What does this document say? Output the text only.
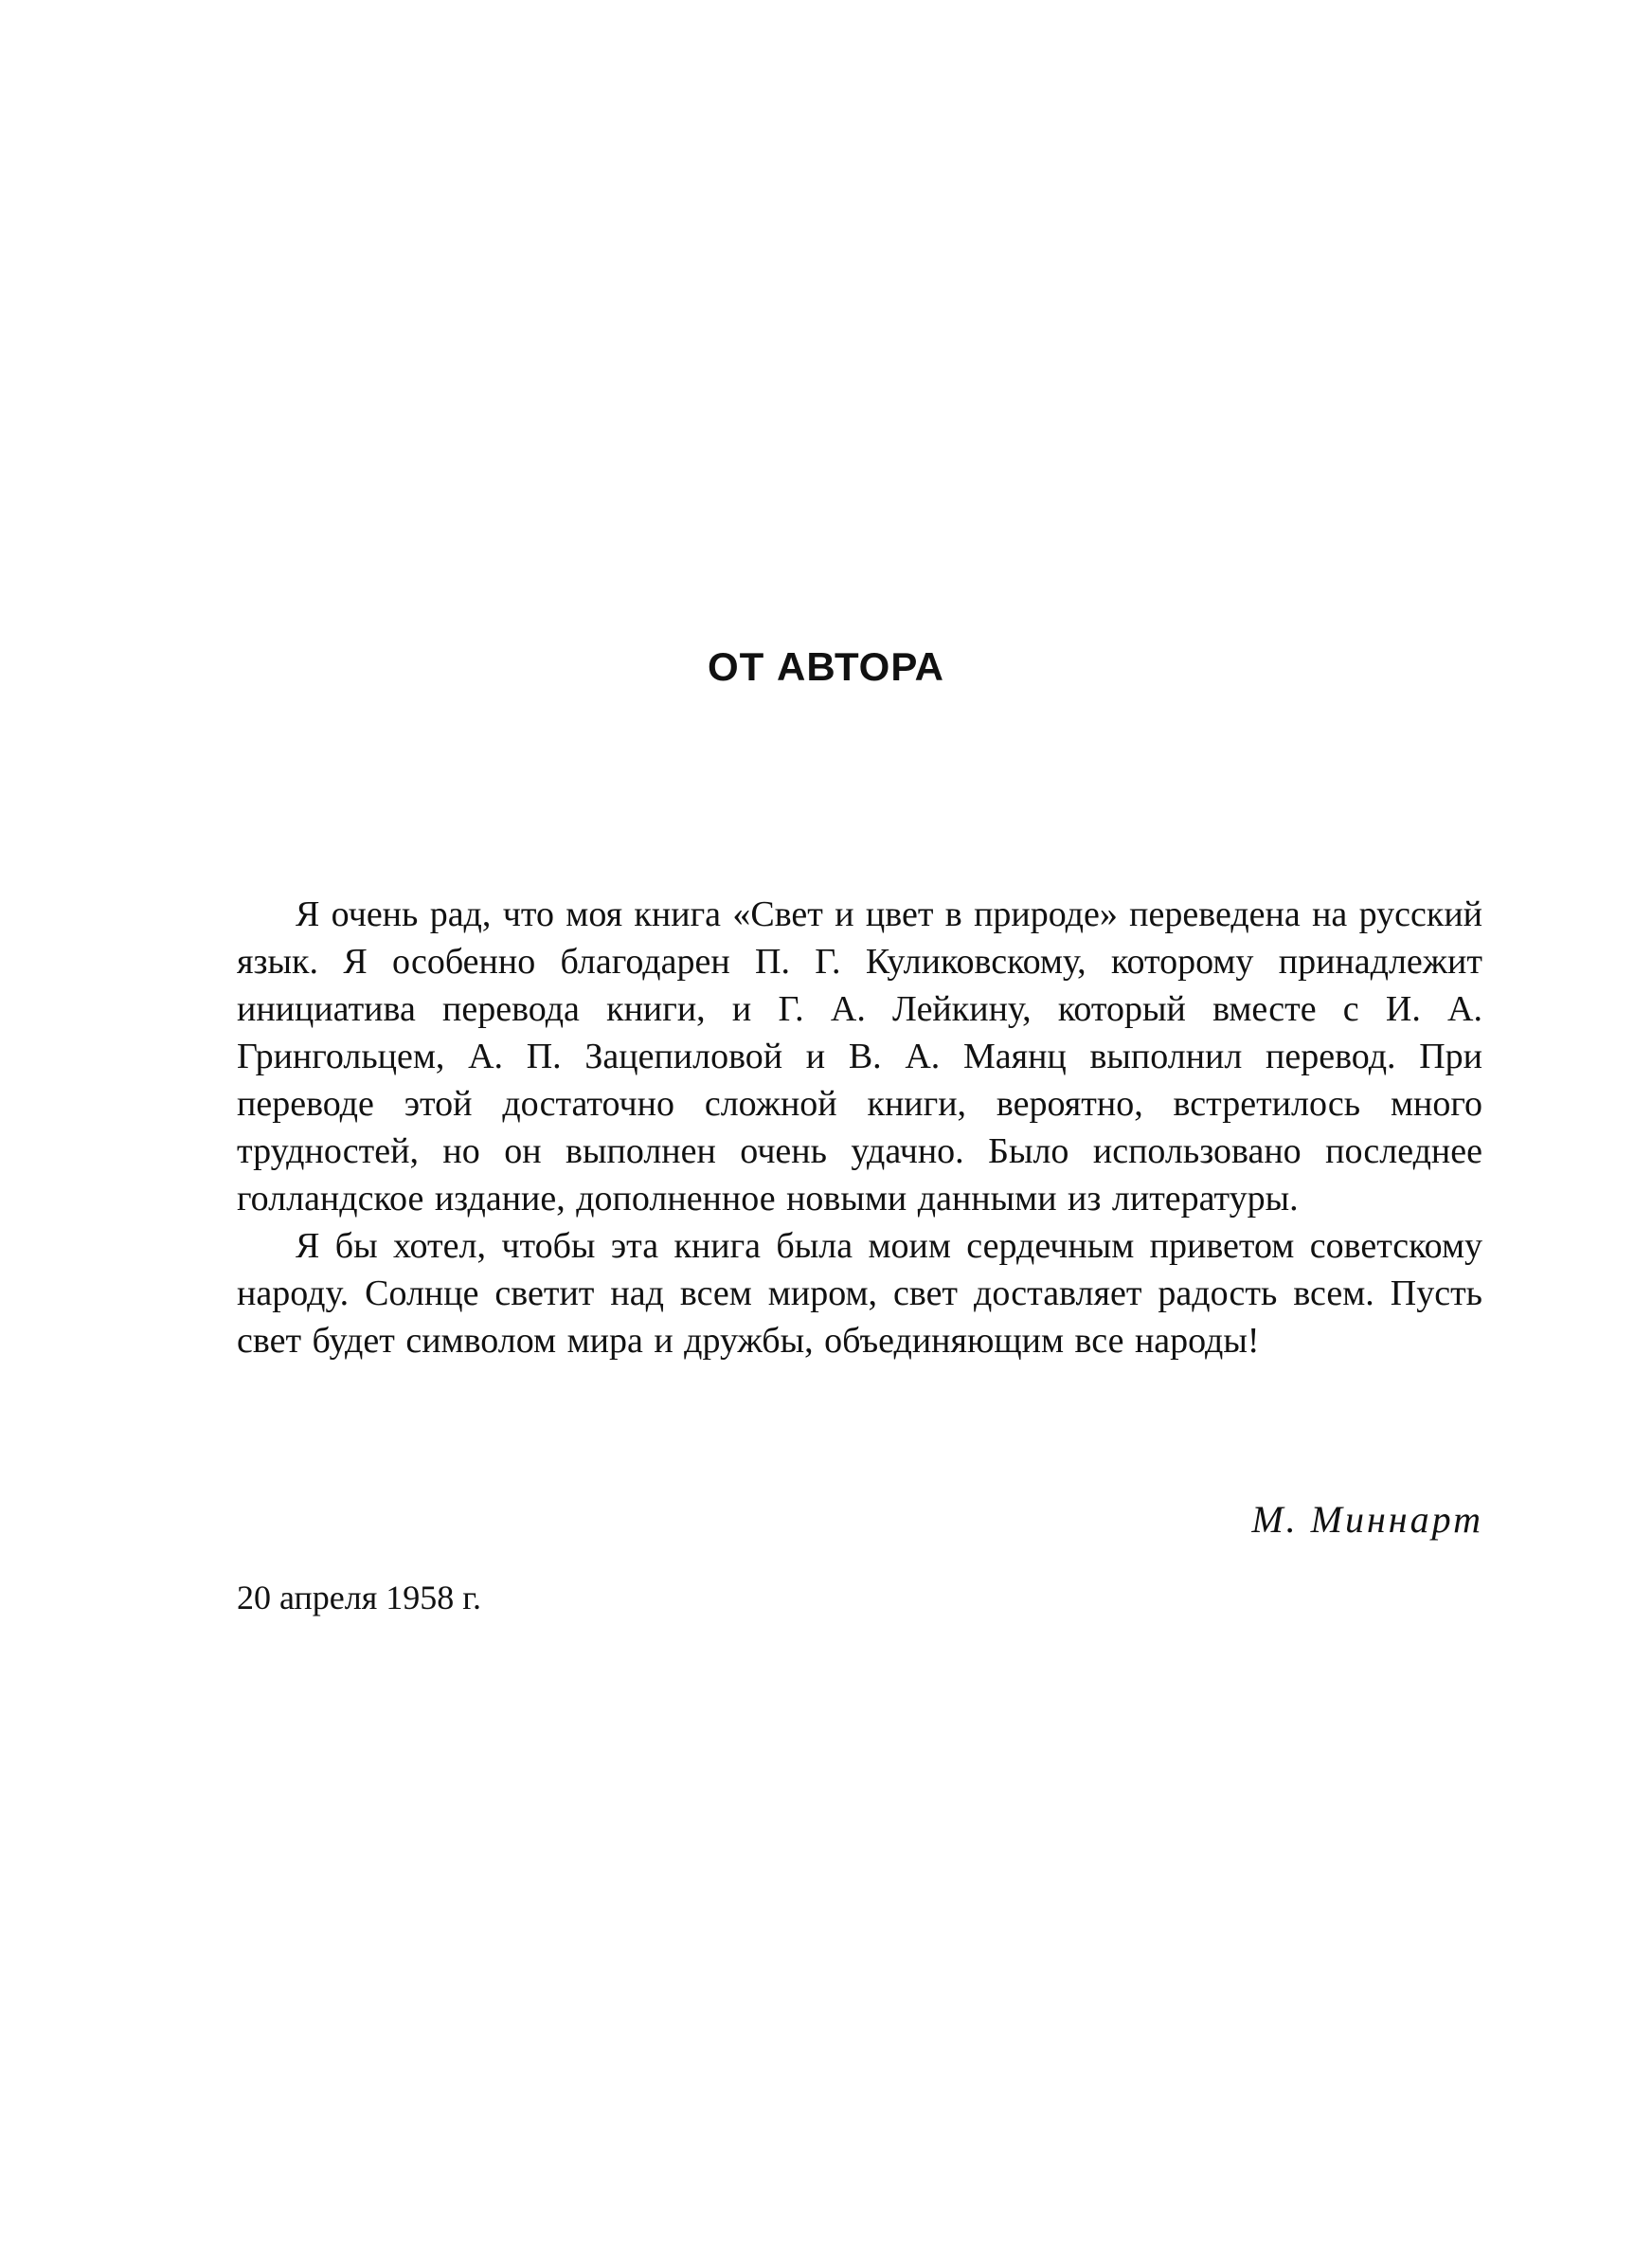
ОТ АВТОРА

Я очень рад, что моя книга «Свет и цвет в природе» переведена на русский язык. Я особенно благодарен П. Г. Куликовскому, которому принадлежит инициатива перевода книги, и Г. А. Лейкину, который вместе с И. А. Грингольцем, А. П. Зацепиловой и В. А. Маянц выполнил перевод. При переводе этой достаточно сложной книги, вероятно, встретилось много трудностей, но он выполнен очень удачно. Было использовано последнее голландское издание, дополненное новыми данными из литературы.

Я бы хотел, чтобы эта книга была моим сердечным приветом советскому народу. Солнце светит над всем миром, свет доставляет радость всем. Пусть свет будет символом мира и дружбы, объединяющим все народы!

М. Миннарт

20 апреля 1958 г.
